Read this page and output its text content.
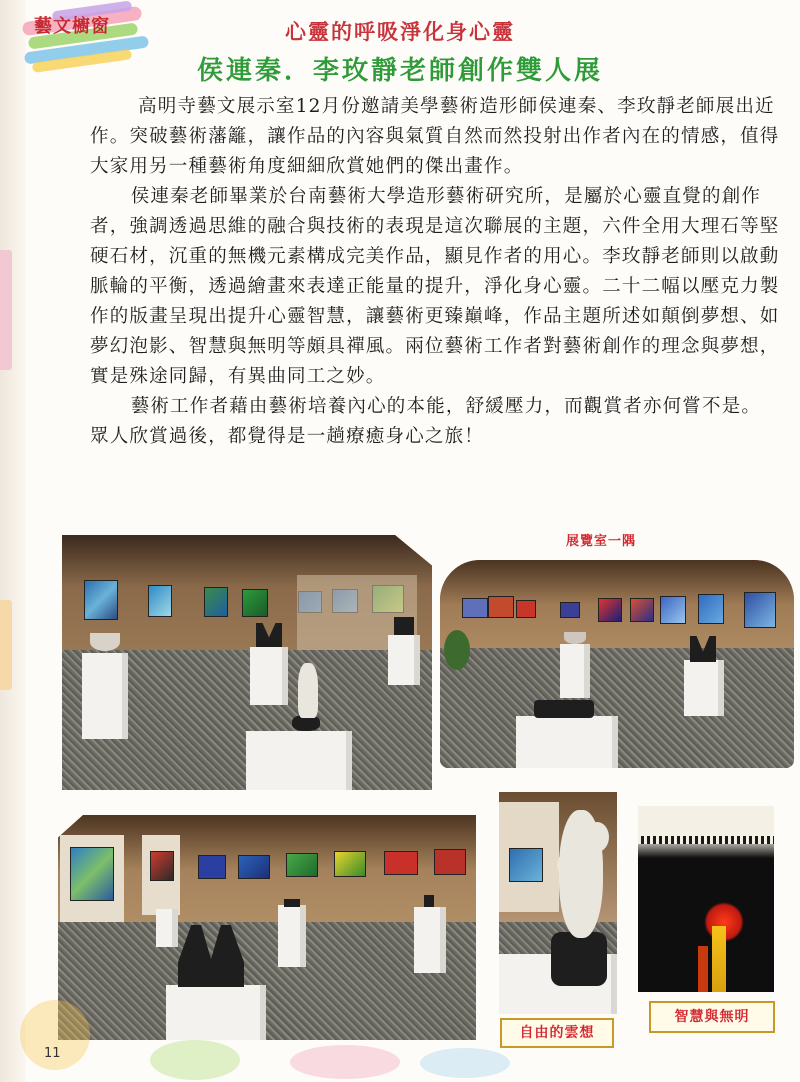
藝文櫥窗	心靈的呼吸淨化身心靈
侯連秦．李玫靜老師創作雙人展

高明寺藝文展示室12月份邀請美學藝術造形師侯連秦、李玫靜老師展出近作。突破藝術藩籬，讓作品的內容與氣質自然而然投射出作者內在的情感，值得大家用另一種藝術角度細細欣賞她們的傑出畫作。

侯連秦老師畢業於台南藝術大學造形藝術研究所，是屬於心靈直覺的創作者，強調透過思維的融合與技術的表現是這次聯展的主題，六件全用大理石等堅硬石材，沉重的無機元素構成完美作品，顯見作者的用心。李玫靜老師則以啟動脈輪的平衡，透過繪畫來表達正能量的提升，淨化身心靈。二十二幅以壓克力製作的版畫呈現出提升心靈智慧，讓藝術更臻巔峰，作品主題所述如顛倒夢想、如夢幻泡影、智慧與無明等頗具禪風。兩位藝術工作者對藝術創作的理念與夢想，實是殊途同歸，有異曲同工之妙。

藝術工作者藉由藝術培養內心的本能，舒緩壓力，而觀賞者亦何嘗不是。眾人欣賞過後，都覺得是一趟療癒身心之旅！

展覽室一隅
自由的雲想
智慧與無明
11
